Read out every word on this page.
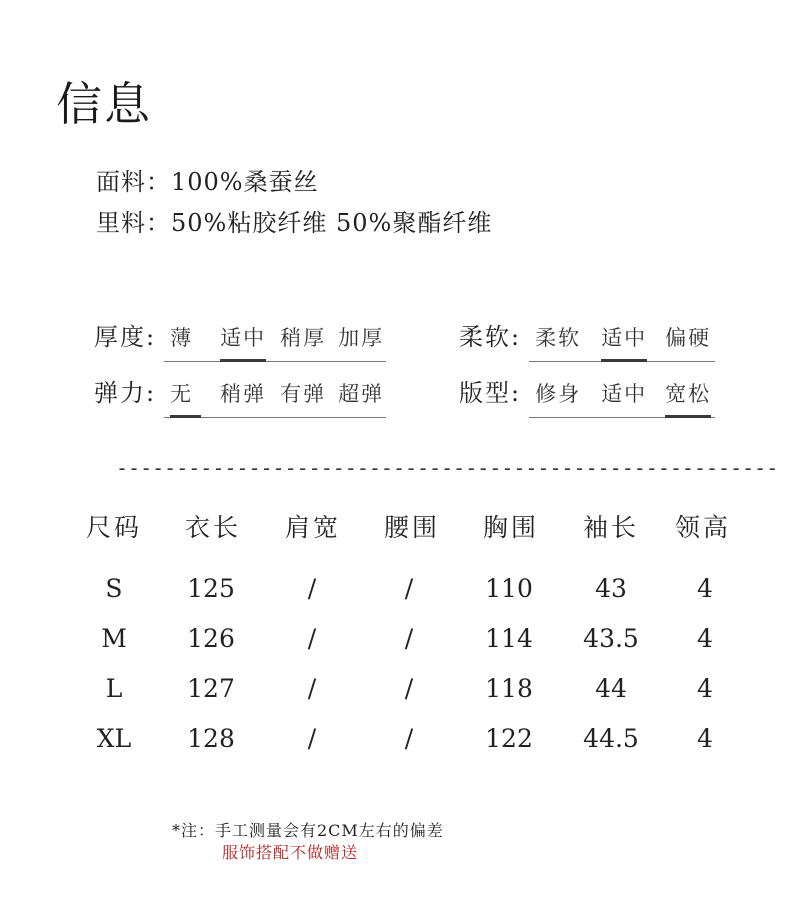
信息
面料：100%桑蚕丝
里料：50%粘胶纤维 50%聚酯纤维
厚度: 薄 适中 稍厚 加厚	柔软: 柔软 适中 偏硬
弹力: 无	稍弹 有弹 超弹	版型: 修身 适中 宽松
-------------------------------------------------------
尺码 衣长 肩宽 腰围 胸围 袖长 领高
S	125	/	/	110 43	4
M 126	/	/	114 43.5 4
L	127	/	/	118 44	4
XL 128	/	/	122 44.5 4
*注：手工测量会有2CM左右的偏差
服饰搭配不做赠送
